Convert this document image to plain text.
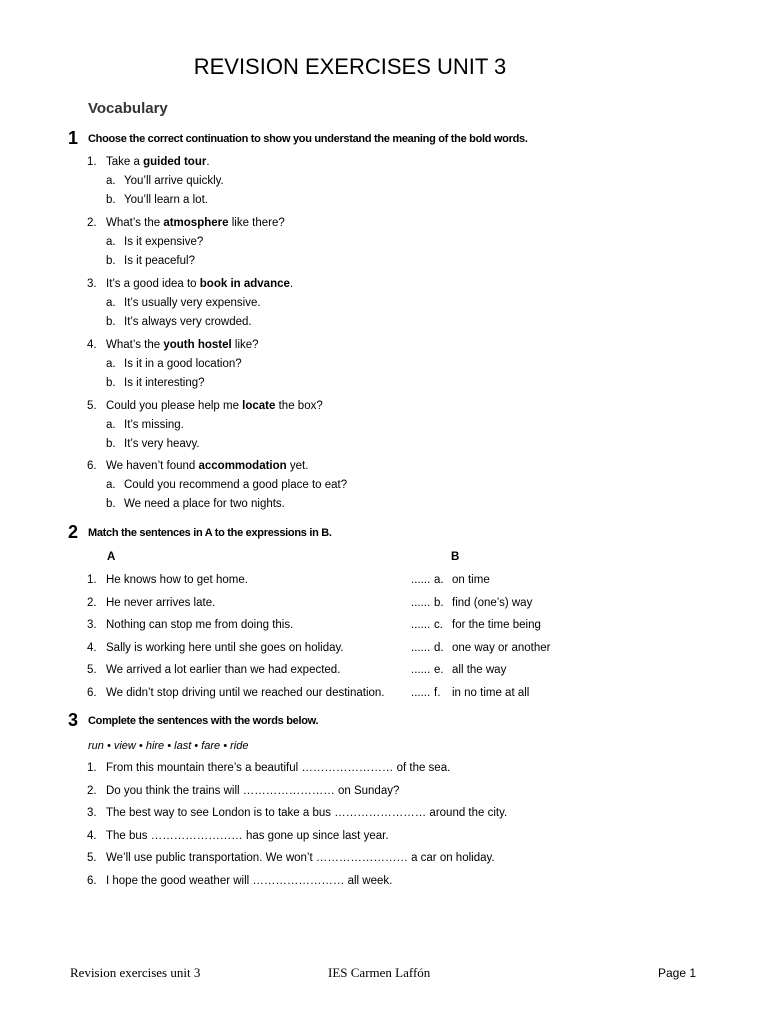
REVISION EXERCISES UNIT 3
Vocabulary
1 Choose the correct continuation to show you understand the meaning of the bold words.
1. Take a guided tour.
a. You’ll arrive quickly.
b. You’ll learn a lot.
2. What’s the atmosphere like there?
a. Is it expensive?
b. Is it peaceful?
3. It’s a good idea to book in advance.
a. It’s usually very expensive.
b. It’s always very crowded.
4. What’s the youth hostel like?
a. Is it in a good location?
b. Is it interesting?
5. Could you please help me locate the box?
a. It’s missing.
b. It’s very heavy.
6. We haven’t found accommodation yet.
a. Could you recommend a good place to eat?
b. We need a place for two nights.
2 Match the sentences in A to the expressions in B.
A	B
1. He knows how to get home.	...... a. on time
2. He never arrives late.	...... b. find (one’s) way
3. Nothing can stop me from doing this.	...... c. for the time being
4. Sally is working here until she goes on holiday.	...... d. one way or another
5. We arrived a lot earlier than we had expected.	...... e. all the way
6. We didn’t stop driving until we reached our destination. ...... f. in no time at all
3 Complete the sentences with the words below.
run • view • hire • last • fare • ride
1. From this mountain there’s a beautiful …………………… of the sea.
2. Do you think the trains will …………………… on Sunday?
3. The best way to see London is to take a bus …………………… around the city.
4. The bus …………………… has gone up since last year.
5. We’ll use public transportation. We won’t …………………… a car on holiday.
6. I hope the good weather will …………………… all week.
Revision exercises unit 3	IES Carmen Laffón	Page 1
